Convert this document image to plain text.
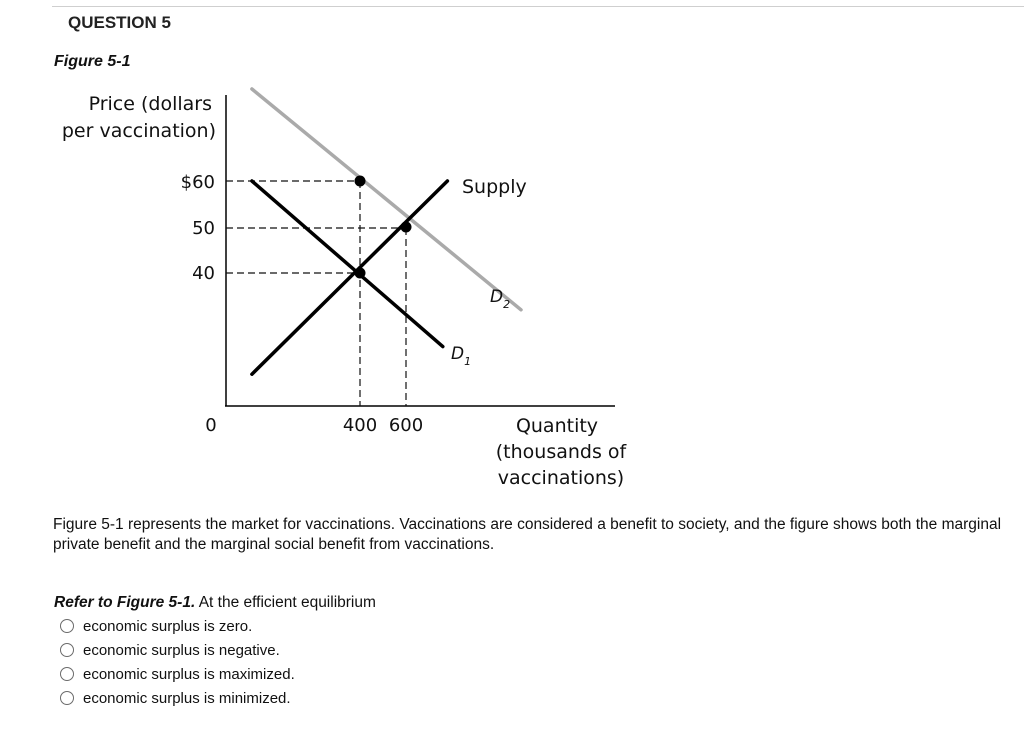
QUESTION 5
Figure 5-1
Price (dollars
per vaccination)
$60
50
40
0	400 600
Supply
$D_2$
$D_1$
Quantity
(thousands of
vaccinations)
Figure 5-1 represents the market for vaccinations. Vaccinations are considered a benefit to society, and the figure shows both the marginal private benefit and the marginal social benefit from vaccinations.
Refer to Figure 5-1. At the efficient equilibrium
economic surplus is zero.
economic surplus is negative.
economic surplus is maximized.
economic surplus is minimized.
